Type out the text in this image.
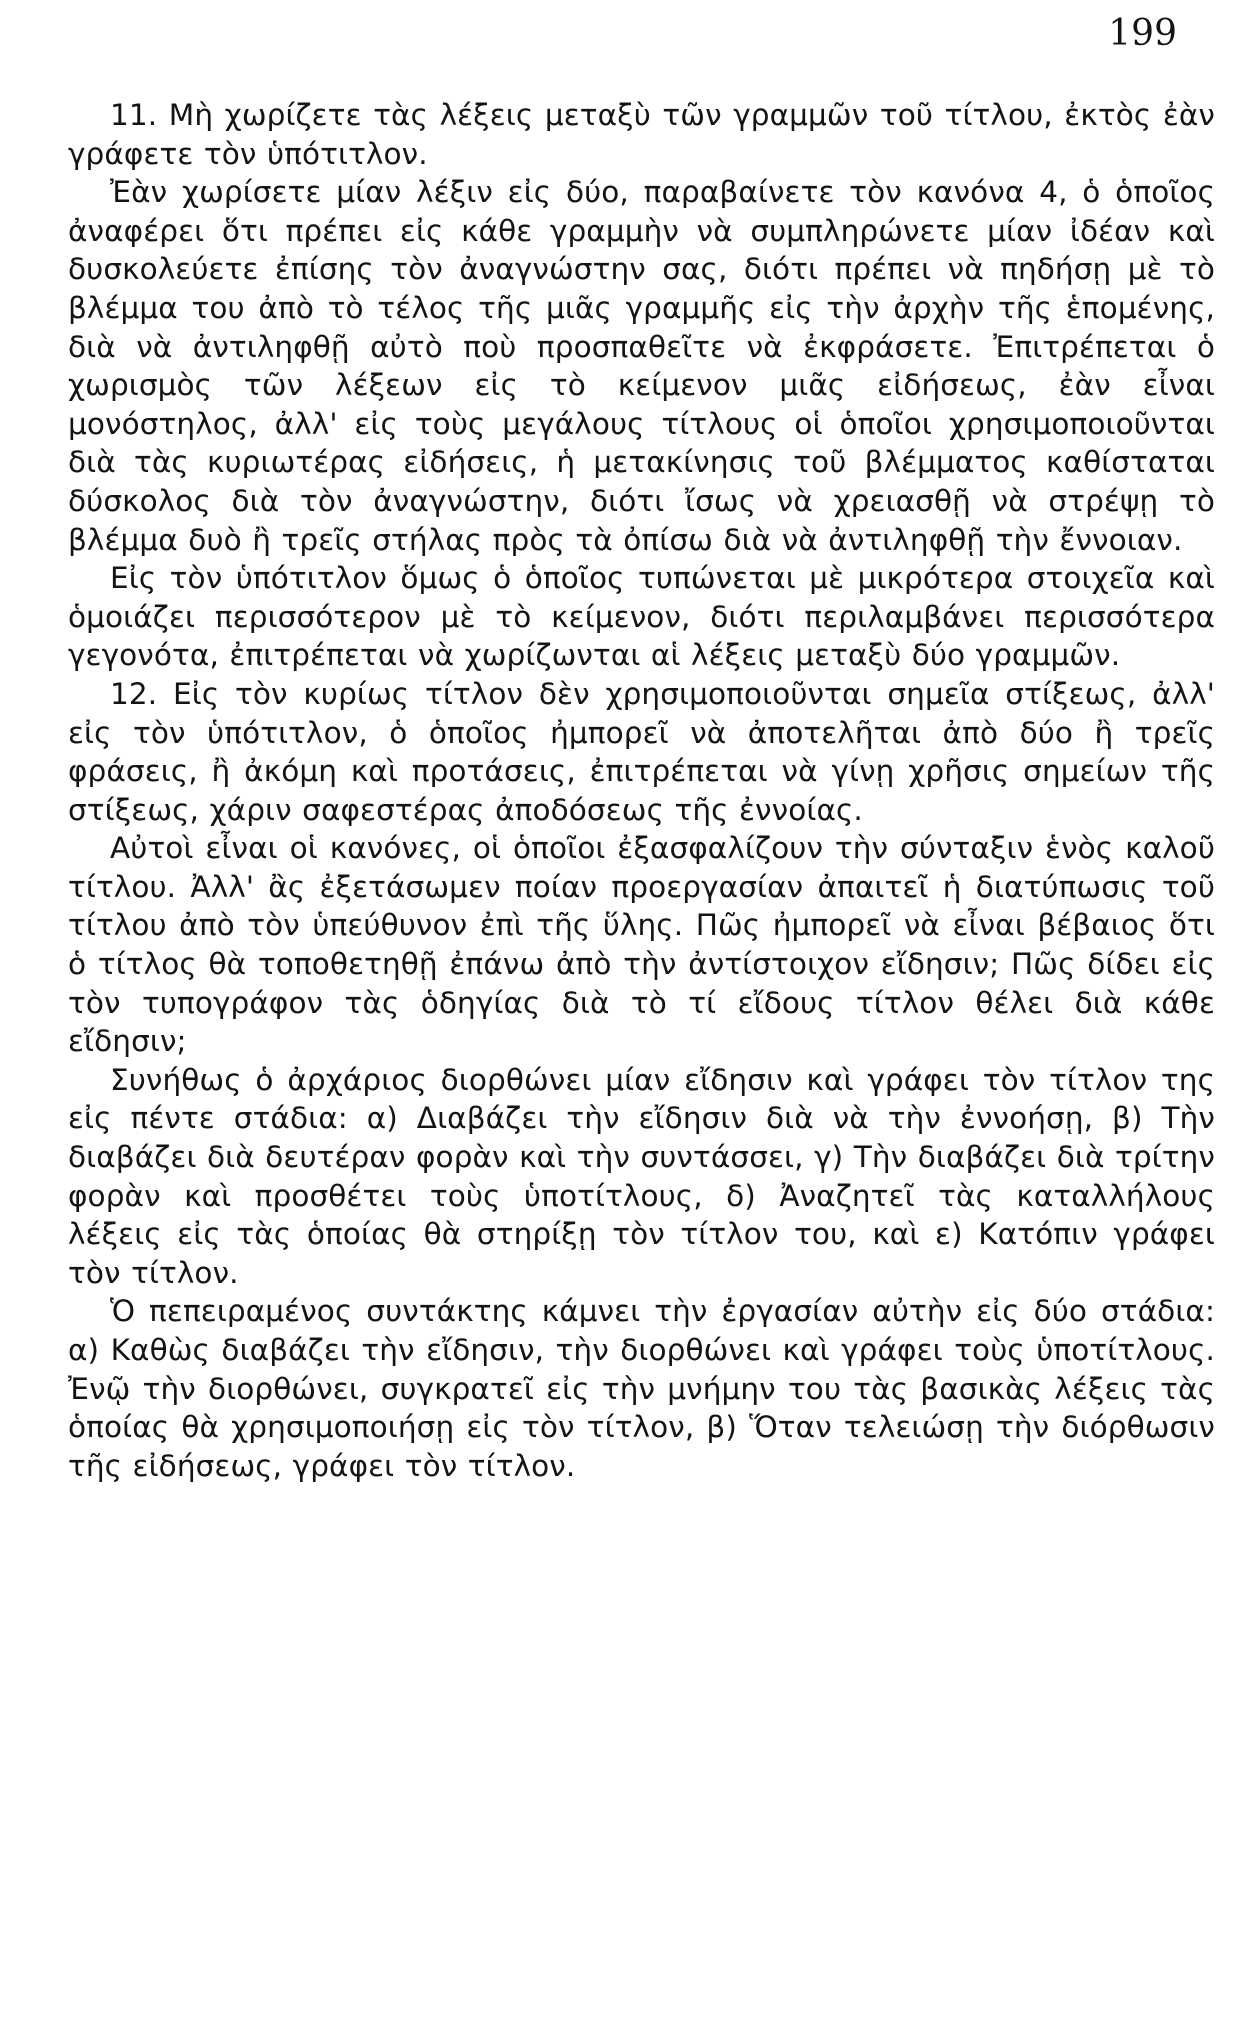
199

11. Μὴ χωρίζετε τὰς λέξεις μεταξὺ τῶν γραμμῶν τοῦ τίτλου, ἐκτὸς ἐὰν γράφετε τὸν ὑπότιτλον.

Ἐὰν χωρίσετε μίαν λέξιν εἰς δύο, παραβαίνετε τὸν κανόνα 4, ὁ ὁποῖος ἀναφέρει ὅτι πρέπει εἰς κάθε γραμμὴν νὰ συμπληρώνετε μίαν ἰδέαν καὶ δυσκολεύετε ἐπίσης τὸν ἀναγνώστην σας, διότι πρέπει νὰ πηδήσῃ μὲ τὸ βλέμμα του ἀπὸ τὸ τέλος τῆς μιᾶς γραμμῆς εἰς τὴν ἀρχὴν τῆς ἑπομένης, διὰ νὰ ἀντιληφθῇ αὐτὸ ποὺ προσπαθεῖτε νὰ ἐκφράσετε. Ἐπιτρέπεται ὁ χωρισμὸς τῶν λέξεων εἰς τὸ κείμενον μιᾶς εἰδήσεως, ἐὰν εἶναι μονόστηλος, ἀλλ' εἰς τοὺς μεγάλους τίτλους οἱ ὁποῖοι χρησιμοποιοῦνται διὰ τὰς κυριωτέρας εἰδήσεις, ἡ μετακίνησις τοῦ βλέμματος καθίσταται δύσκολος διὰ τὸν ἀναγνώστην, διότι ἴσως νὰ χρειασθῇ νὰ στρέψῃ τὸ βλέμμα δυὸ ἢ τρεῖς στήλας πρὸς τὰ ὀπίσω διὰ νὰ ἀντιληφθῇ τὴν ἔννοιαν.

Εἰς τὸν ὑπότιτλον ὅμως ὁ ὁποῖος τυπώνεται μὲ μικρότερα στοιχεῖα καὶ ὁμοιάζει περισσότερον μὲ τὸ κείμενον, διότι περιλαμβάνει περισσότερα γεγονότα, ἐπιτρέπεται νὰ χωρίζωνται αἱ λέξεις μεταξὺ δύο γραμμῶν.

12. Εἰς τὸν κυρίως τίτλον δὲν χρησιμοποιοῦνται σημεῖα στίξεως, ἀλλ' εἰς τὸν ὑπότιτλον, ὁ ὁποῖος ἠμπορεῖ νὰ ἀποτελῆται ἀπὸ δύο ἢ τρεῖς φράσεις, ἢ ἀκόμη καὶ προτάσεις, ἐπιτρέπεται νὰ γίνῃ χρῆσις σημείων τῆς στίξεως, χάριν σαφεστέρας ἀποδόσεως τῆς ἐννοίας.

Αὐτοὶ εἶναι οἱ κανόνες, οἱ ὁποῖοι ἐξασφαλίζουν τὴν σύνταξιν ἑνὸς καλοῦ τίτλου. Ἀλλ' ἂς ἐξετάσωμεν ποίαν προεργασίαν ἀπαιτεῖ ἡ διατύπωσις τοῦ τίτλου ἀπὸ τὸν ὑπεύθυνον ἐπὶ τῆς ὕλης. Πῶς ἠμπορεῖ νὰ εἶναι βέβαιος ὅτι ὁ τίτλος θὰ τοποθετηθῇ ἐπάνω ἀπὸ τὴν ἀντίστοιχον εἴδησιν; Πῶς δίδει εἰς τὸν τυπογράφον τὰς ὁδηγίας διὰ τὸ τί εἴδους τίτλον θέλει διὰ κάθε εἴδησιν;

Συνήθως ὁ ἀρχάριος διορθώνει μίαν εἴδησιν καὶ γράφει τὸν τίτλον της εἰς πέντε στάδια: α) Διαβάζει τὴν εἴδησιν διὰ νὰ τὴν ἐννοήσῃ, β) Τὴν διαβάζει διὰ δευτέραν φορὰν καὶ τὴν συντάσσει, γ) Τὴν διαβάζει διὰ τρίτην φορὰν καὶ προσθέτει τοὺς ὑποτίτλους, δ) Ἀναζητεῖ τὰς καταλλήλους λέξεις εἰς τὰς ὁποίας θὰ στηρίξῃ τὸν τίτλον του, καὶ ε) Κατόπιν γράφει τὸν τίτλον.

Ὁ πεπειραμένος συντάκτης κάμνει τὴν ἐργασίαν αὐτὴν εἰς δύο στάδια: α) Καθὼς διαβάζει τὴν εἴδησιν, τὴν διορθώνει καὶ γράφει τοὺς ὑποτίτλους. Ἐνῷ τὴν διορθώνει, συγκρατεῖ εἰς τὴν μνήμην του τὰς βασικὰς λέξεις τὰς ὁποίας θὰ χρησιμοποιήσῃ εἰς τὸν τίτλον, β) Ὅταν τελειώσῃ τὴν διόρθωσιν τῆς εἰδήσεως, γράφει τὸν τίτλον.
